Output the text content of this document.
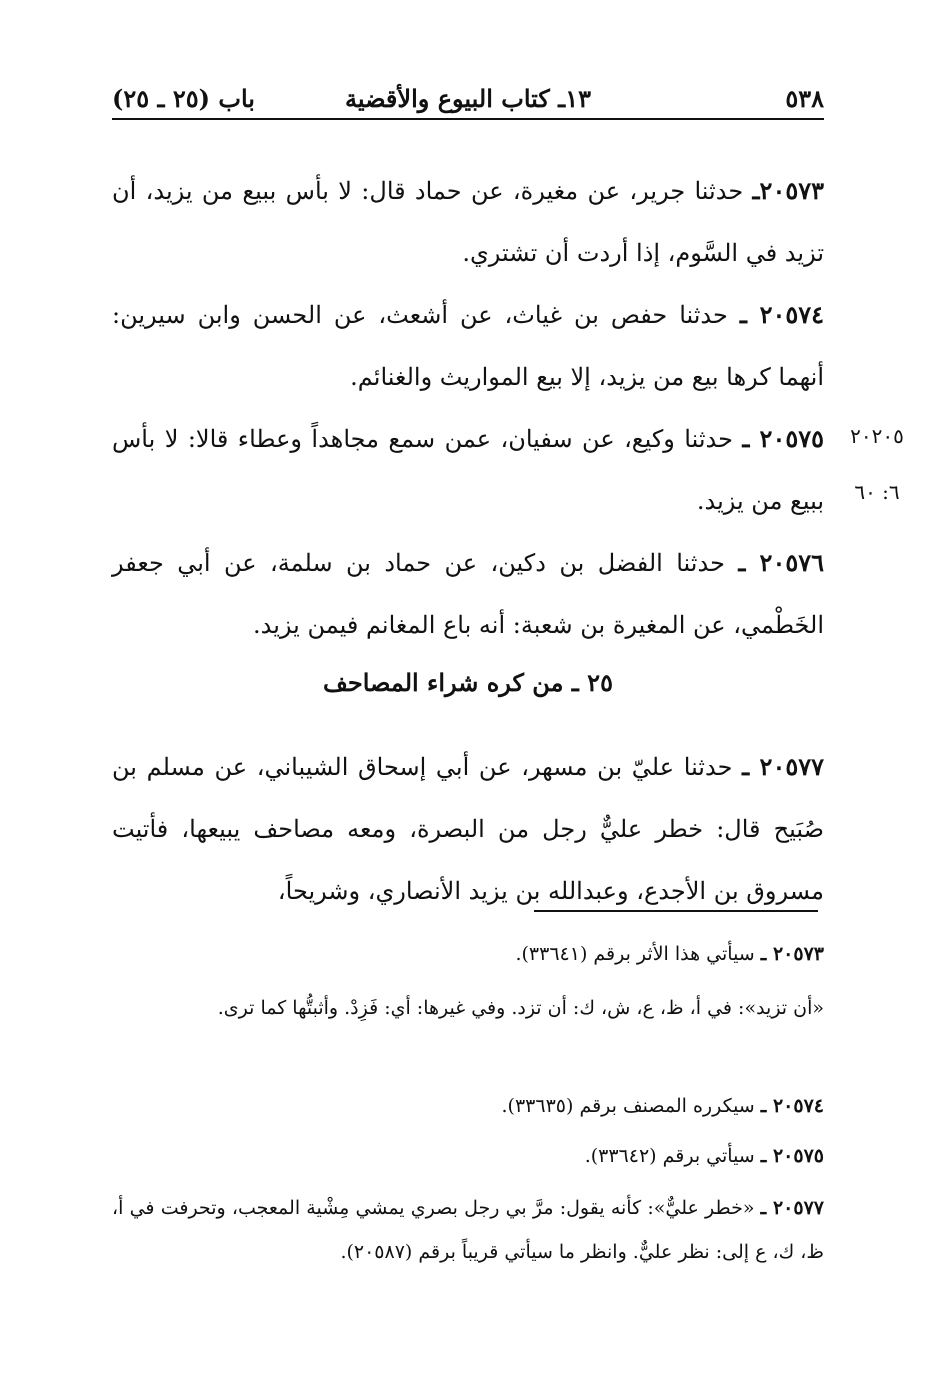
٥٣٨
١٣ـ كتاب البيوع والأقضية
باب (٢٥ ـ ٢٥)
٢٠٥٧٣ـ حدثنا جرير، عن مغيرة، عن حماد قال: لا بأس ببيع من يزيد، أن تزيد في السَّوم، إذا أردت أن تشتري.
٢٠٥٧٤ ـ حدثنا حفص بن غياث، عن أشعث، عن الحسن وابن سيرين: أنهما كرها بيع من يزيد، إلا بيع المواريث والغنائم.
٢٠٥٧٥ ـ حدثنا وكيع، عن سفيان، عمن سمع مجاهداً وعطاء قالا: لا بأس ببيع من يزيد.
٢٠٢٠٥
٦: ٦٠
٢٠٥٧٦ ـ حدثنا الفضل بن دكين، عن حماد بن سلمة، عن أبي جعفر الخَطْمي، عن المغيرة بن شعبة: أنه باع المغانم فيمن يزيد.
٢٥ ـ من كره شراء المصاحف
٢٠٥٧٧ ـ حدثنا عليّ بن مسهر، عن أبي إسحاق الشيباني، عن مسلم بن صُبَيح قال: خطر عليٌّ رجل من البصرة، ومعه مصاحف يبيعها، فأتيت مسروق بن الأجدع، وعبدالله بن يزيد الأنصاري، وشريحاً،
٢٠٥٧٣ ـ سيأتي هذا الأثر برقم (٣٣٦٤١).
«أن تزيد»: في أ، ظ، ع، ش، ك: أن تزد. وفي غيرها: أي: فَزِدْ. وأثبتُّها كما ترى.
٢٠٥٧٤ ـ سيكرره المصنف برقم (٣٣٦٣٥).
٢٠٥٧٥ ـ سيأتي برقم (٣٣٦٤٢).
٢٠٥٧٧ ـ «خطر عليٌّ»: كأنه يقول: مرَّ بي رجل بصري يمشي مِشْية المعجب، وتحرفت في أ، ظ، ك، ع إلى: نظر عليٌّ. وانظر ما سيأتي قريباً برقم (٢٠٥٨٧).
